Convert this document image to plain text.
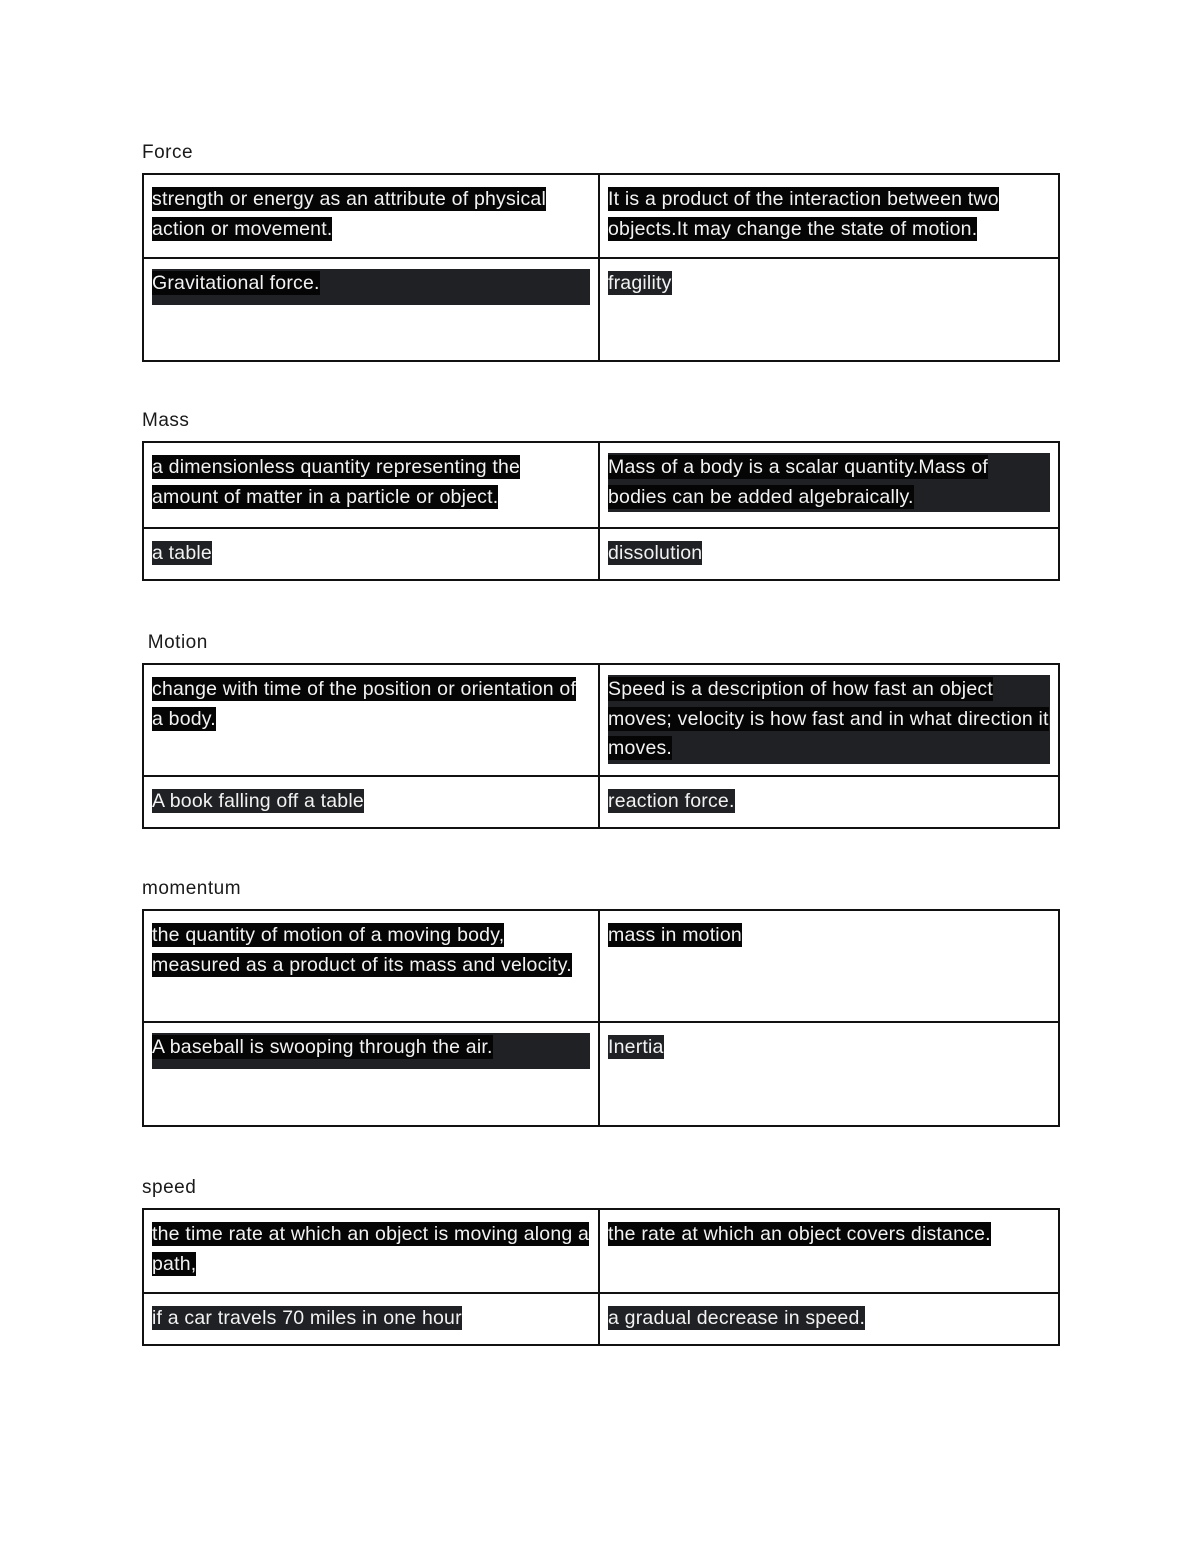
Force

strength or energy as an attribute of physical action or movement.	It is a product of the interaction between two objects.It may change the state of motion.

Gravitational force.	fragility

Mass

a dimensionless quantity representing the amount of matter in a particle or object.	Mass of a body is a scalar quantity.Mass of bodies can be added algebraically.

a table	dissolution

Motion

change with time of the position or orientation of a body.	Speed is a description of how fast an object moves; velocity is how fast and in what direction it moves.

A book falling off a table	reaction force.

momentum

the quantity of motion of a moving body, measured as a product of its mass and velocity.	mass in motion

A baseball is swooping through the air.	Inertia

speed

the time rate at which an object is moving along a path,	the rate at which an object covers distance.
if a car travels 70 miles in one hour	a gradual decrease in speed.
